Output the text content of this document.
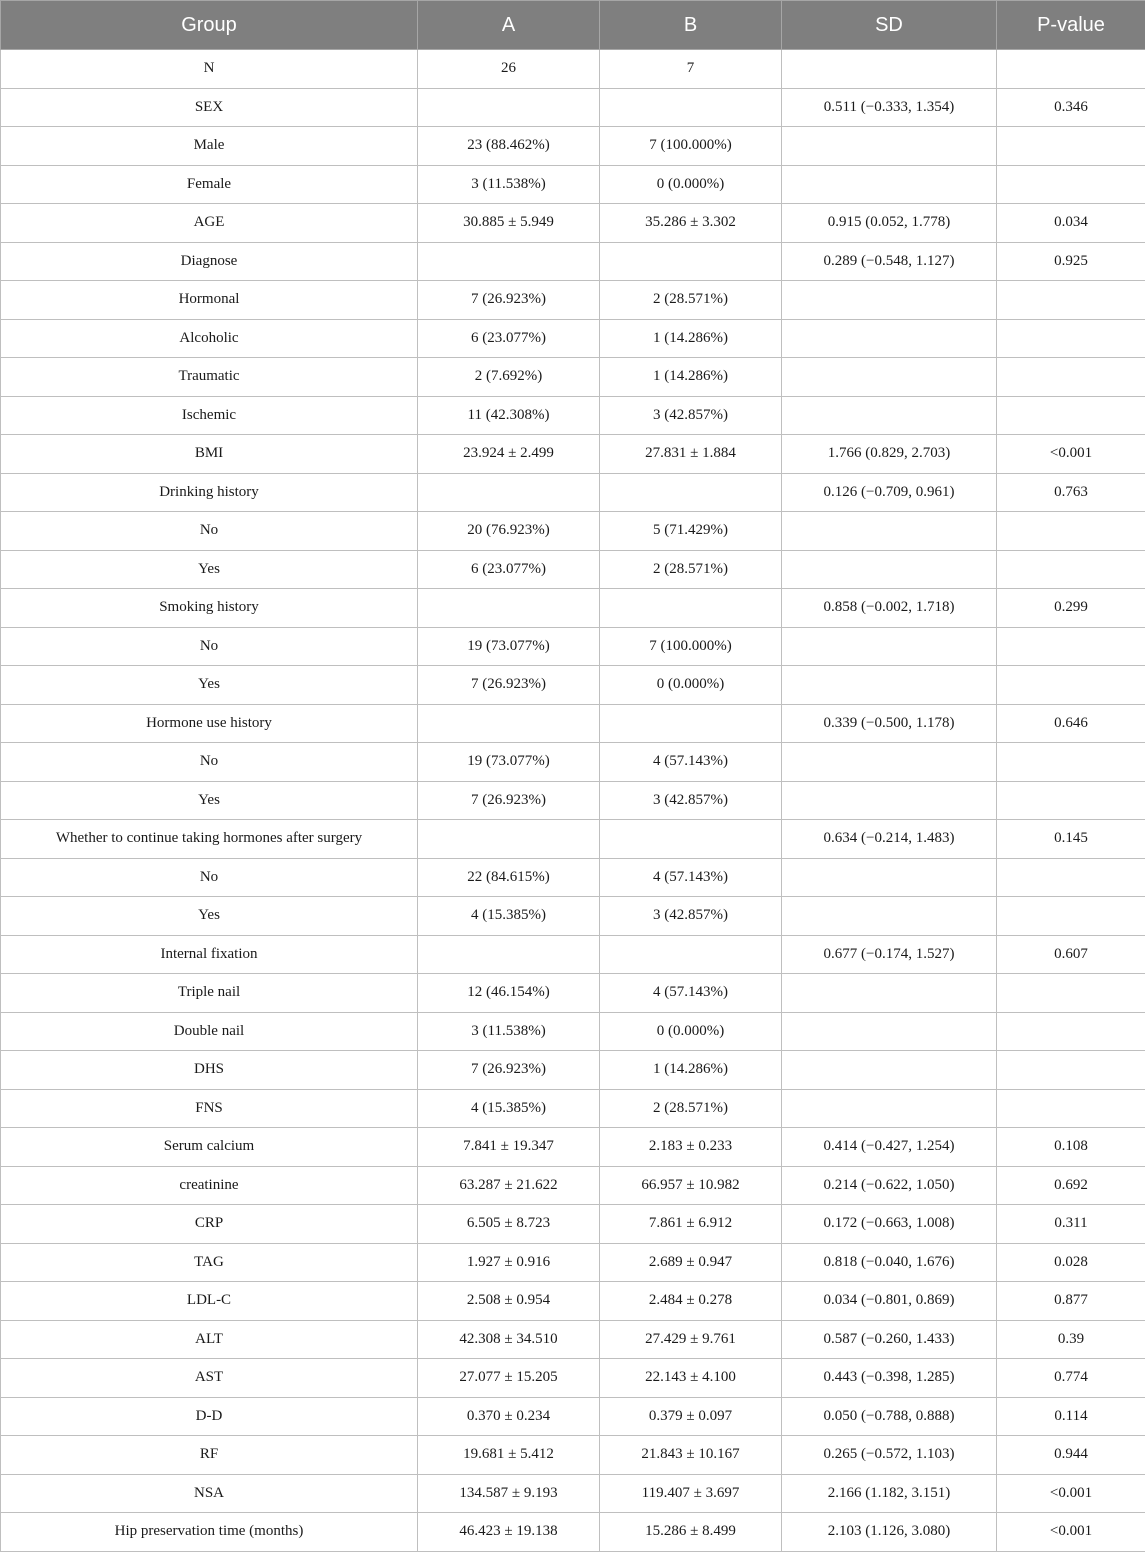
Group	A	B	SD	P-value
N	26	7		
SEX			0.511 (−0.333, 1.354)	0.346
Male	23 (88.462%)	7 (100.000%)		
Female	3 (11.538%)	0 (0.000%)		
AGE	30.885 ± 5.949	35.286 ± 3.302	0.915 (0.052, 1.778)	0.034
Diagnose			0.289 (−0.548, 1.127)	0.925
Hormonal	7 (26.923%)	2 (28.571%)		
Alcoholic	6 (23.077%)	1 (14.286%)		
Traumatic	2 (7.692%)	1 (14.286%)		
Ischemic	11 (42.308%)	3 (42.857%)		
BMI	23.924 ± 2.499	27.831 ± 1.884	1.766 (0.829, 2.703)	<0.001
Drinking history			0.126 (−0.709, 0.961)	0.763
No	20 (76.923%)	5 (71.429%)		
Yes	6 (23.077%)	2 (28.571%)		
Smoking history			0.858 (−0.002, 1.718)	0.299
No	19 (73.077%)	7 (100.000%)		
Yes	7 (26.923%)	0 (0.000%)		
Hormone use history			0.339 (−0.500, 1.178)	0.646
No	19 (73.077%)	4 (57.143%)		
Yes	7 (26.923%)	3 (42.857%)		
Whether to continue taking hormones after surgery			0.634 (−0.214, 1.483)	0.145
No	22 (84.615%)	4 (57.143%)		
Yes	4 (15.385%)	3 (42.857%)		
Internal fixation			0.677 (−0.174, 1.527)	0.607
Triple nail	12 (46.154%)	4 (57.143%)		
Double nail	3 (11.538%)	0 (0.000%)		
DHS	7 (26.923%)	1 (14.286%)		
FNS	4 (15.385%)	2 (28.571%)		
Serum calcium	7.841 ± 19.347	2.183 ± 0.233	0.414 (−0.427, 1.254)	0.108
creatinine	63.287 ± 21.622	66.957 ± 10.982	0.214 (−0.622, 1.050)	0.692
CRP	6.505 ± 8.723	7.861 ± 6.912	0.172 (−0.663, 1.008)	0.311
TAG	1.927 ± 0.916	2.689 ± 0.947	0.818 (−0.040, 1.676)	0.028
LDL-C	2.508 ± 0.954	2.484 ± 0.278	0.034 (−0.801, 0.869)	0.877
ALT	42.308 ± 34.510	27.429 ± 9.761	0.587 (−0.260, 1.433)	0.39
AST	27.077 ± 15.205	22.143 ± 4.100	0.443 (−0.398, 1.285)	0.774
D-D	0.370 ± 0.234	0.379 ± 0.097	0.050 (−0.788, 0.888)	0.114
RF	19.681 ± 5.412	21.843 ± 10.167	0.265 (−0.572, 1.103)	0.944
NSA	134.587 ± 9.193	119.407 ± 3.697	2.166 (1.182, 3.151)	<0.001
Hip preservation time (months)	46.423 ± 19.138	15.286 ± 8.499	2.103 (1.126, 3.080)	<0.001
